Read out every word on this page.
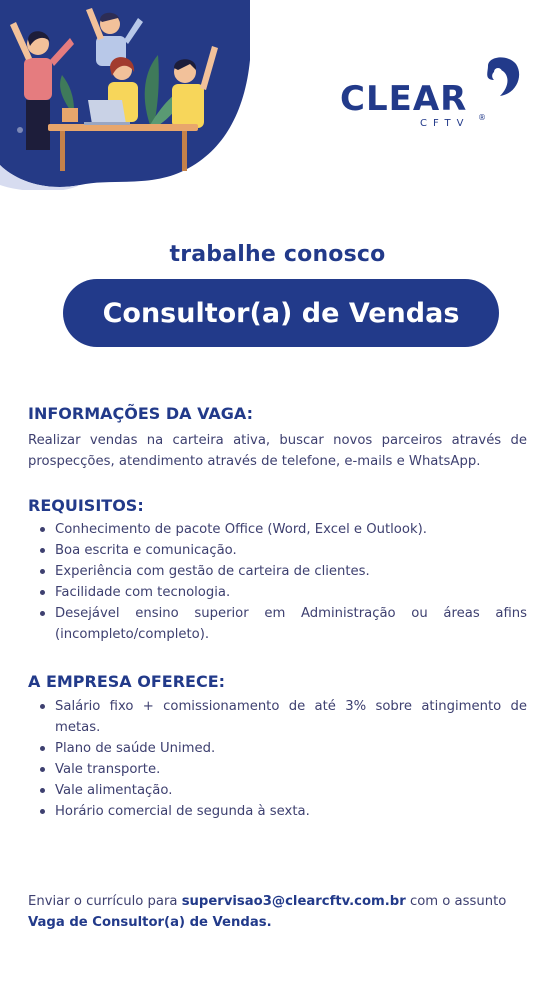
CLEAR
CFTV
®
trabalhe conosco
Consultor(a) de Vendas
INFORMAÇÕES DA VAGA:

Realizar vendas na carteira ativa, buscar novos parceiros através de prospecções, atendimento através de telefone, e-mails e WhatsApp.

REQUISITOS:
Conhecimento de pacote Office (Word, Excel e Outlook).
Boa escrita e comunicação.
Experiência com gestão de carteira de clientes.
Facilidade com tecnologia.
Desejável ensino superior em Administração ou áreas afins (incompleto/completo).
A EMPRESA OFERECE:
Salário fixo + comissionamento de até 3% sobre atingimento de metas.
Plano de saúde Unimed.
Vale transporte.
Vale alimentação.
Horário comercial de segunda à sexta.

Enviar o currículo para supervisao3@clearcftv.com.br com o assunto
Vaga de Consultor(a) de Vendas.
